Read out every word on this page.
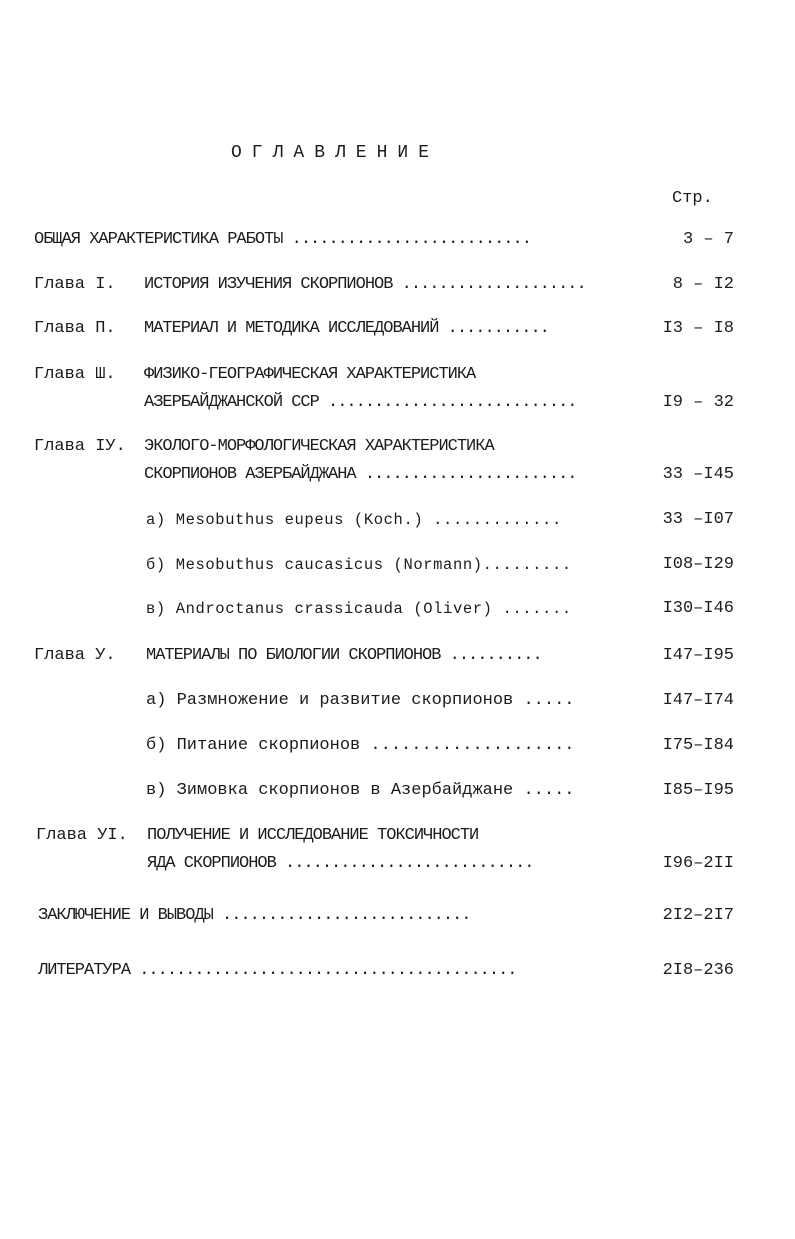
ОГЛАВЛЕНИЕ
Стр.
ОБЩАЯ ХАРАКТЕРИСТИКА РАБОТЫ ..........................	3 – 7
Глава I. ИСТОРИЯ ИЗУЧЕНИЯ СКОРПИОНОВ ....................	8 – I2
Глава П. МАТЕРИАЛ И МЕТОДИКА ИССЛЕДОВАНИЙ ...........	I3 – I8
Глава Ш. ФИЗИКО-ГЕОГРАФИЧЕСКАЯ ХАРАКТЕРИСТИКА
АЗЕРБАЙДЖАНСКОЙ ССР ...........................	I9 – 32
Глава IУ. ЭКОЛОГО-МОРФОЛОГИЧЕСКАЯ ХАРАКТЕРИСТИКА
СКОРПИОНОВ АЗЕРБАЙДЖАНА .......................	33 –I45
а) Mesobuthus eupeus (Koch.) .............	33 –I07
б) Mesobuthus caucasicus (Normann).........	I08–I29
в) Androctanus crassicauda (Oliver) .......	I30–I46
Глава У. МАТЕРИАЛЫ ПО БИОЛОГИИ СКОРПИОНОВ ..........	I47–I95
а) Размножение и развитие скорпионов .....	I47–I74
б) Питание скорпионов ....................	I75–I84
в) Зимовка скорпионов в Азербайджане .....	I85–I95
Глава УI. ПОЛУЧЕНИЕ И ИССЛЕДОВАНИЕ ТОКСИЧНОСТИ
ЯДА СКОРПИОНОВ ...........................	I96–2II
ЗАКЛЮЧЕНИЕ И ВЫВОДЫ ...........................	2I2–2I7
ЛИТЕРАТУРА .........................................	2I8–236
